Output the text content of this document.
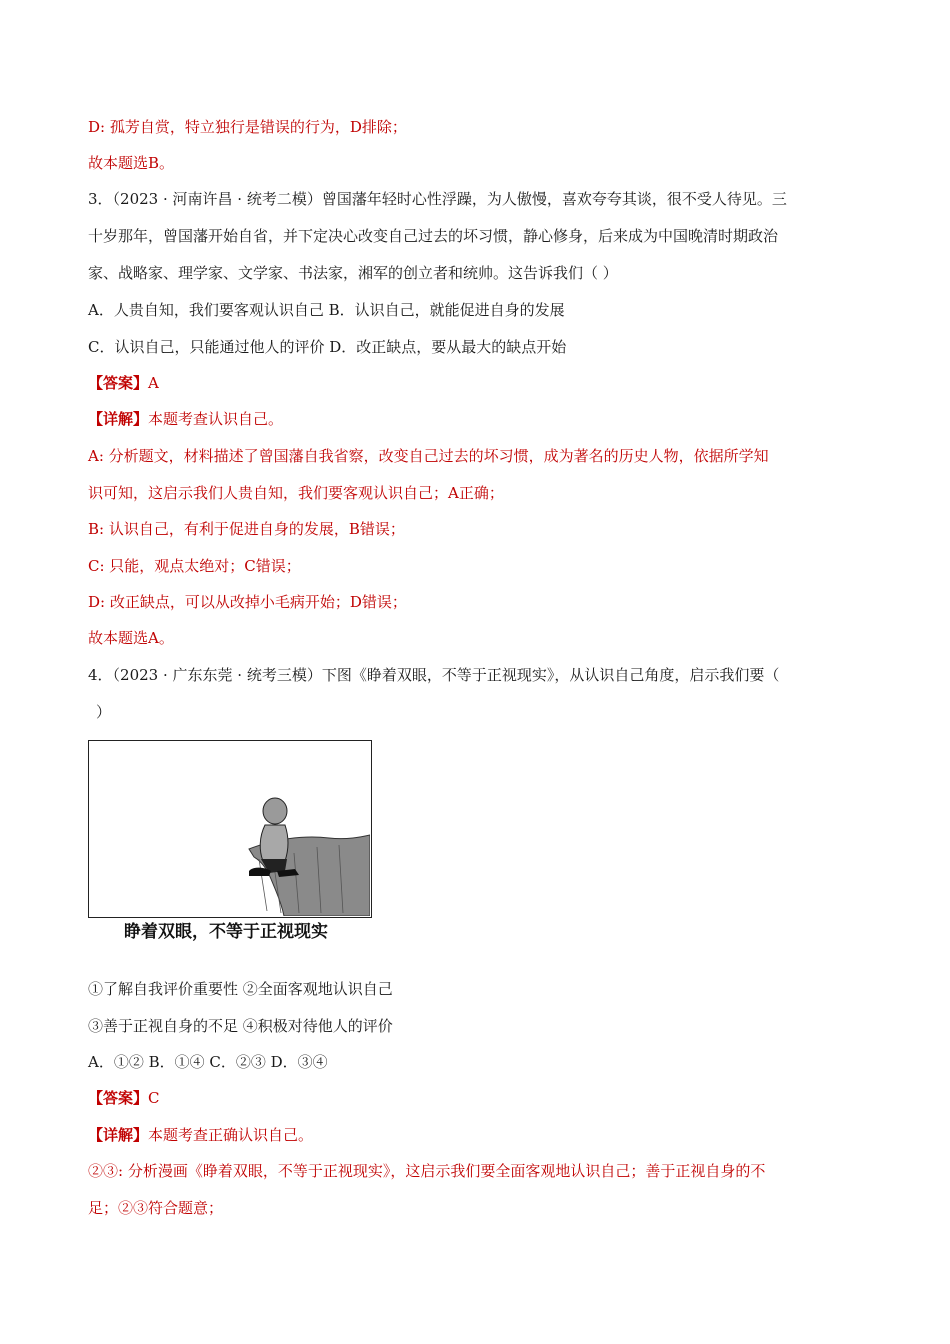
D: 孤芳自赏，特立独行是错误的行为，D排除；
故本题选B。
3．（2023 · 河南许昌 · 统考二模）曾国藩年轻时心性浮躁，为人傲慢，喜欢夸夸其谈，很不受人待见。三
十岁那年，曾国藩开始自省，并下定决心改变自己过去的坏习惯，静心修身，后来成为中国晚清时期政治
家、战略家、理学家、文学家、书法家，湘军的创立者和统帅。这告诉我们（ ）
A．人贵自知，我们要客观认识自己 B．认识自己，就能促进自身的发展
C．认识自己，只能通过他人的评价 D．改正缺点，要从最大的缺点开始
【答案】A
【详解】本题考查认识自己。
A: 分析题文，材料描述了曾国藩自我省察，改变自己过去的坏习惯，成为著名的历史人物，依据所学知
识可知，这启示我们人贵自知，我们要客观认识自己；A正确；
B: 认识自己，有利于促进自身的发展，B错误；
C: 只能，观点太绝对；C错误；
D: 改正缺点，可以从改掉小毛病开始；D错误；
故本题选A。
4．（2023 · 广东东莞 · 统考三模）下图《睁着双眼，不等于正视现实》，从认识自己角度，启示我们要（
）
睁着双眼，不等于正视现实
①了解自我评价重要性 ②全面客观地认识自己
③善于正视自身的不足 ④积极对待他人的评价
A．①② B．①④ C．②③ D．③④
【答案】C
【详解】本题考查正确认识自己。
②③: 分析漫画《睁着双眼，不等于正视现实》，这启示我们要全面客观地认识自己；善于正视自身的不
足；②③符合题意；
